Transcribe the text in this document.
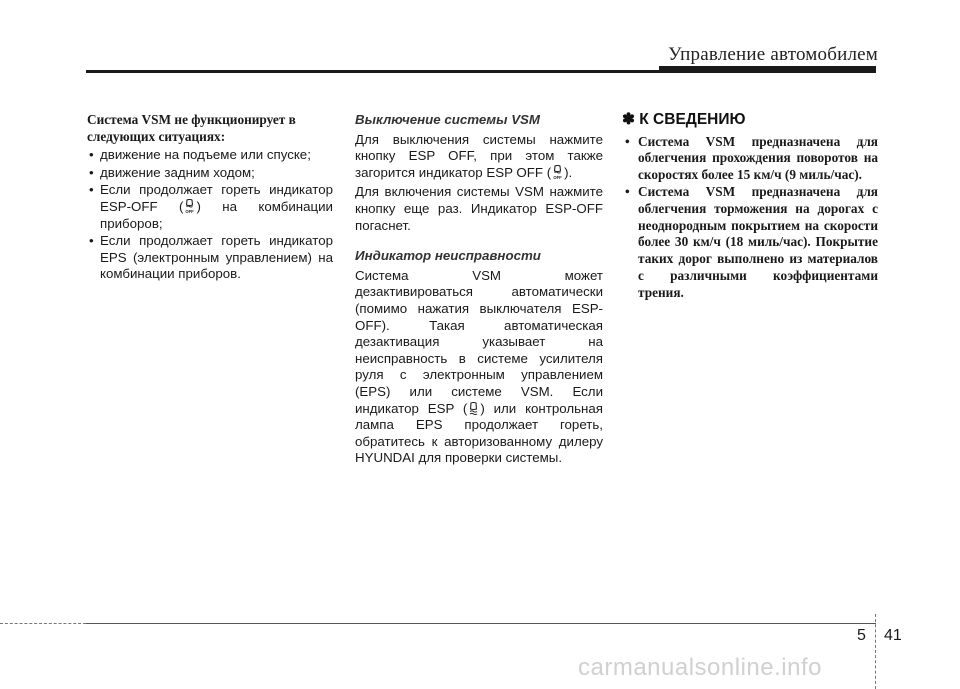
Управление автомобилем

Система VSM не функционирует в
следующих ситуациях:

• движение на подъеме или спуске;
• движение задним ходом;
• Если продолжает гореть индикатор ESP-OFF ( OFF ) на комбинации приборов;
• Если продолжает гореть индикатор EPS (электронным управлением) на комбинации приборов.

Выключение системы VSM

Для выключения системы нажмите кнопку ESP OFF, при этом также загорится индикатор ESP OFF ( OFF ).

Для включения системы VSM нажмите кнопку еще раз. Индикатор ESP-OFF погаснет.

Индикатор неисправности

Система VSM может дезактивироваться автоматически (помимо нажатия выключателя ESP-OFF). Такая автоматическая дезактивация указывает на неисправность в системе усилителя руля с электронным управлением (EPS) или системе VSM. Если индикатор ESP ( ) или контрольная лампа EPS продолжает гореть, обратитесь к авторизованному дилеру HYUNDAI для проверки системы.

✽ К СВЕДЕНИЮ

• Система VSM предназначена для облегчения прохождения поворотов на скоростях более 15 км/ч (9 миль/час).
• Система VSM предназначена для облегчения торможения на дорогах с неоднородным покрытием на скорости более 30 км/ч (18 миль/час). Покрытие таких дорог выполнено из материалов с различными коэффициентами трения.
5 41
carmanualsonline.info
